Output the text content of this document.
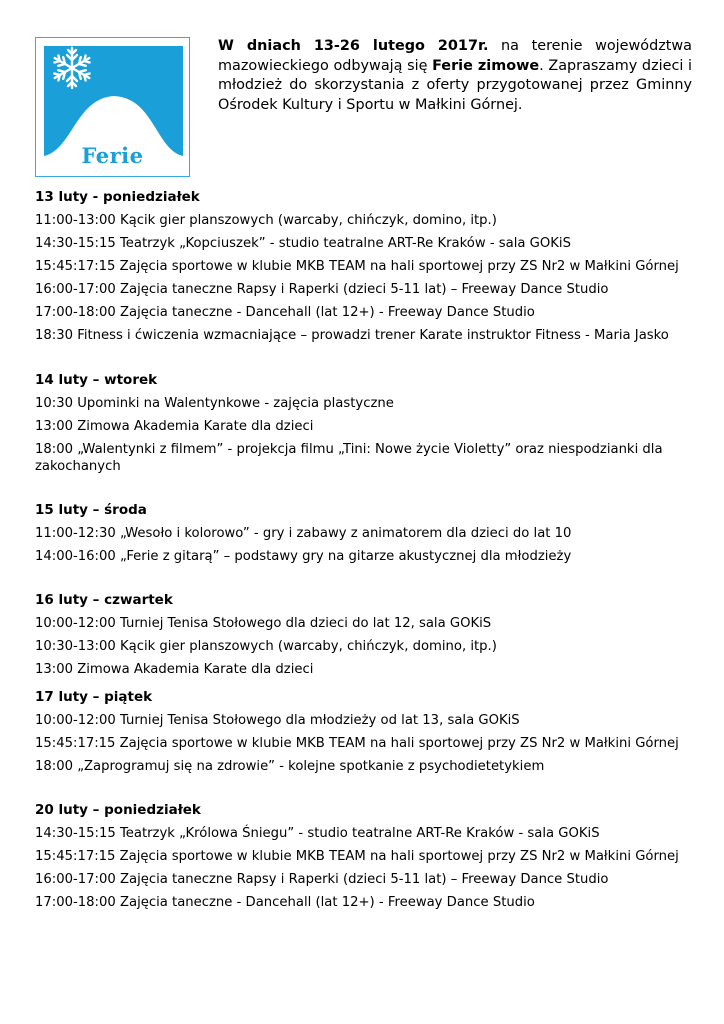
Ferie
W dniach 13-26 lutego 2017r. na terenie województwa mazowieckiego odbywają się Ferie zimowe. Zapraszamy dzieci i młodzież do skorzystania z oferty przygotowanej przez Gminny Ośrodek Kultury i Sportu w Małkini Górnej.
13 luty - poniedziałek
11:00-13:00 Kącik gier planszowych (warcaby, chińczyk, domino, itp.)
14:30-15:15 Teatrzyk „Kopciuszek” - studio teatralne ART-Re Kraków - sala GOKiS
15:45:17:15 Zajęcia sportowe w klubie MKB TEAM na hali sportowej przy ZS Nr2 w Małkini Górnej
16:00-17:00 Zajęcia taneczne Rapsy i Raperki (dzieci 5-11 lat) – Freeway Dance Studio
17:00-18:00 Zajęcia taneczne - Dancehall (lat 12+) - Freeway Dance Studio
18:30 Fitness i ćwiczenia wzmacniające – prowadzi trener Karate instruktor Fitness - Maria Jasko
14 luty – wtorek
10:30 Upominki na Walentynkowe - zajęcia plastyczne
13:00 Zimowa Akademia Karate dla dzieci
18:00 „Walentynki z filmem” - projekcja filmu „Tini: Nowe życie Violetty” oraz niespodzianki dla zakochanych
15 luty – środa
11:00-12:30 „Wesoło i kolorowo” - gry i zabawy z animatorem dla dzieci do lat 10
14:00-16:00 „Ferie z gitarą” – podstawy gry na gitarze akustycznej dla młodzieży
16 luty – czwartek
10:00-12:00 Turniej Tenisa Stołowego dla dzieci do lat 12, sala GOKiS
10:30-13:00 Kącik gier planszowych (warcaby, chińczyk, domino, itp.)
13:00 Zimowa Akademia Karate dla dzieci
17 luty – piątek
10:00-12:00 Turniej Tenisa Stołowego dla młodzieży od lat 13, sala GOKiS
15:45:17:15 Zajęcia sportowe w klubie MKB TEAM na hali sportowej przy ZS Nr2 w Małkini Górnej
18:00 „Zaprogramuj się na zdrowie” - kolejne spotkanie z psychodietetykiem
20 luty – poniedziałek
14:30-15:15 Teatrzyk „Królowa Śniegu” - studio teatralne ART-Re Kraków - sala GOKiS
15:45:17:15 Zajęcia sportowe w klubie MKB TEAM na hali sportowej przy ZS Nr2 w Małkini Górnej
16:00-17:00 Zajęcia taneczne Rapsy i Raperki (dzieci 5-11 lat) – Freeway Dance Studio
17:00-18:00 Zajęcia taneczne - Dancehall (lat 12+) - Freeway Dance Studio
